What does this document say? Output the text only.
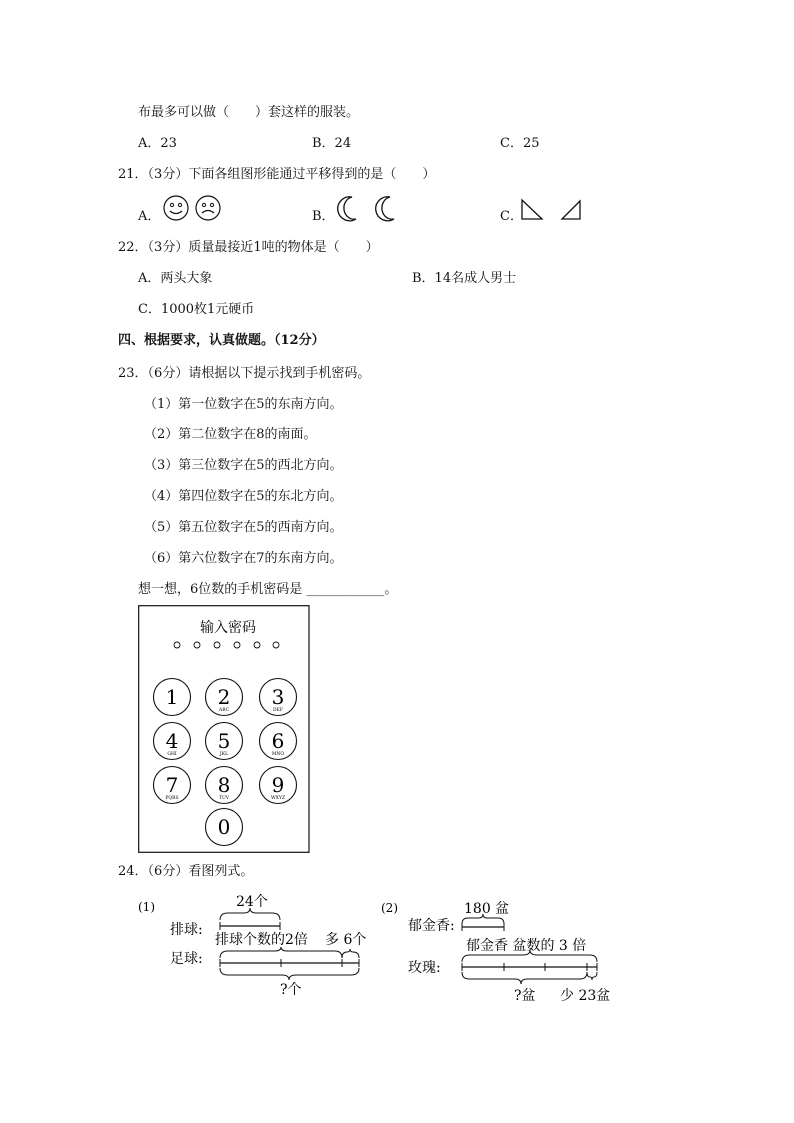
布最多可以做（　　）套这样的服装。
A．23	B．24	C．25
21．（3分）下面各组图形能通过平移得到的是（　　）
A．	B．	C．
22．（3分）质量最接近1吨的物体是（　　）
A．两头大象	B．14名成人男士
C．1000枚1元硬币
四、根据要求，认真做题。（12分）
23．（6分）请根据以下提示找到手机密码。
（1）第一位数字在5的东南方向。
（2）第二位数字在8的南面。
（3）第三位数字在5的西北方向。
（4）第四位数字在5的东北方向。
（5）第五位数字在5的西南方向。
（6）第六位数字在7的东南方向。
想一想，6位数的手机密码是 ____________。
输入密码
1 2
ABC
3
DEF
4
GHI
5
JKL
6
MNO
7
PQRS
8
TUV
9
WXYZ
0
24．（6分）看图列式。
(1)
排球:
24个
排球个数的2倍 多 6个
足球:
?个
(2)
郁金香:
180 盆
郁金香 盆数的 3 倍
玫瑰:
?盆 少 23盆
